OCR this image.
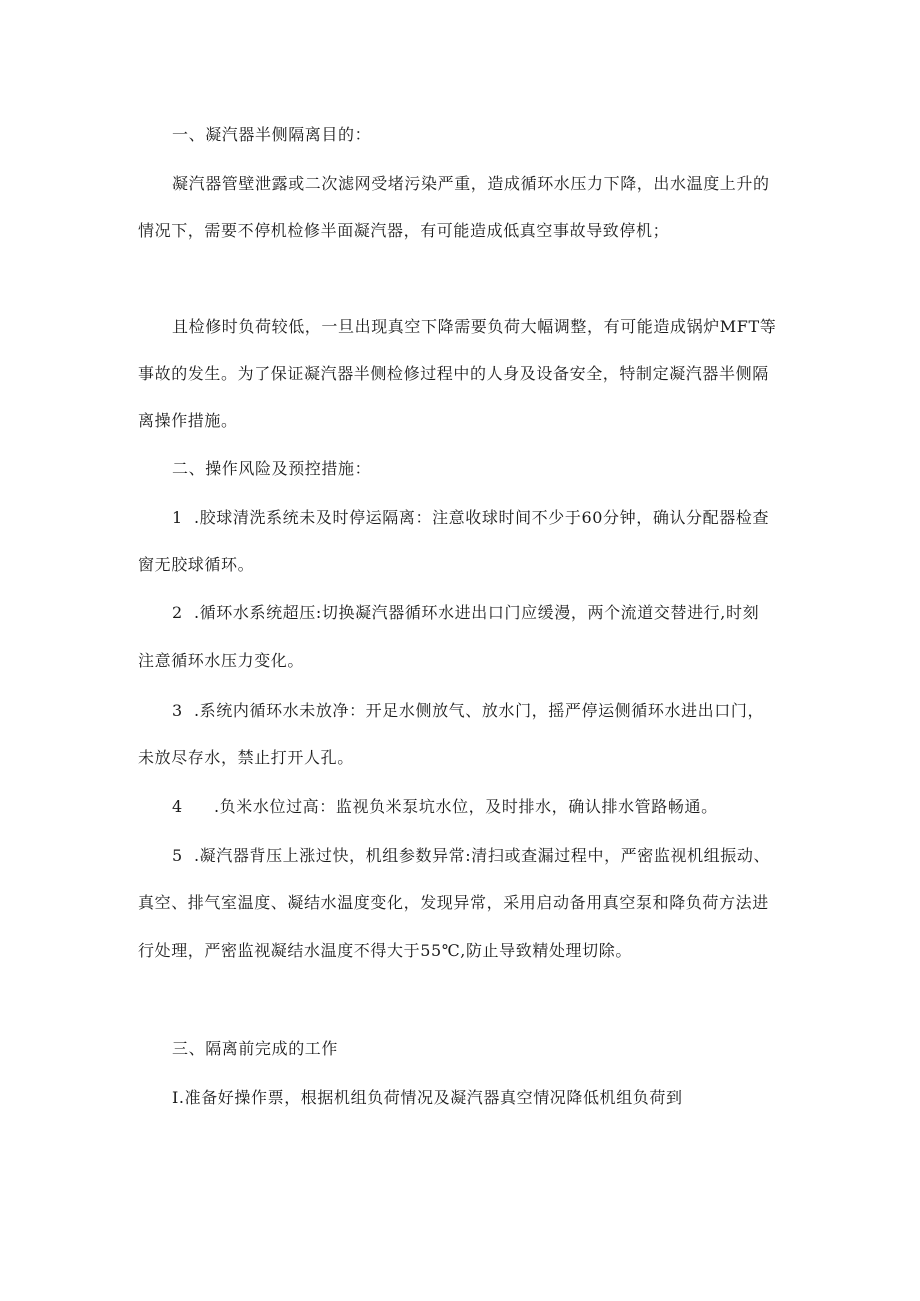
一、凝汽器半侧隔离目的：
凝汽器管壁泄露或二次滤网受堵污染严重，造成循环水压力下降，出水温度上升的
情况下，需要不停机检修半面凝汽器，有可能造成低真空事故导致停机；
且检修时负荷较低，一旦出现真空下降需要负荷大幅调整，有可能造成锅炉MFT等
事故的发生。为了保证凝汽器半侧检修过程中的人身及设备安全，特制定凝汽器半侧隔
离操作措施。
二、操作风险及预控措施：
1 .胶球清洗系统未及时停运隔离：注意收球时间不少于60分钟，确认分配器检查
窗无胶球循环。
2 .循环水系统超压:切换凝汽器循环水进出口门应缓漫，两个流道交替进行,时刻
注意循环水压力变化。
3 .系统内循环水未放净：开足水侧放气、放水门，摇严停运侧循环水进出口门，
未放尽存水，禁止打开人孔。
4 .负米水位过高：监视负米泵坑水位，及时排水，确认排水管路畅通。
5 .凝汽器背压上涨过快，机组参数异常:清扫或查漏过程中，严密监视机组振动、
真空、排气室温度、凝结水温度变化，发现异常，采用启动备用真空泵和降负荷方法进
行处理，严密监视凝结水温度不得大于55℃,防止导致精处理切除。
三、隔离前完成的工作
I.准备好操作票，根据机组负荷情况及凝汽器真空情况降低机组负荷到
